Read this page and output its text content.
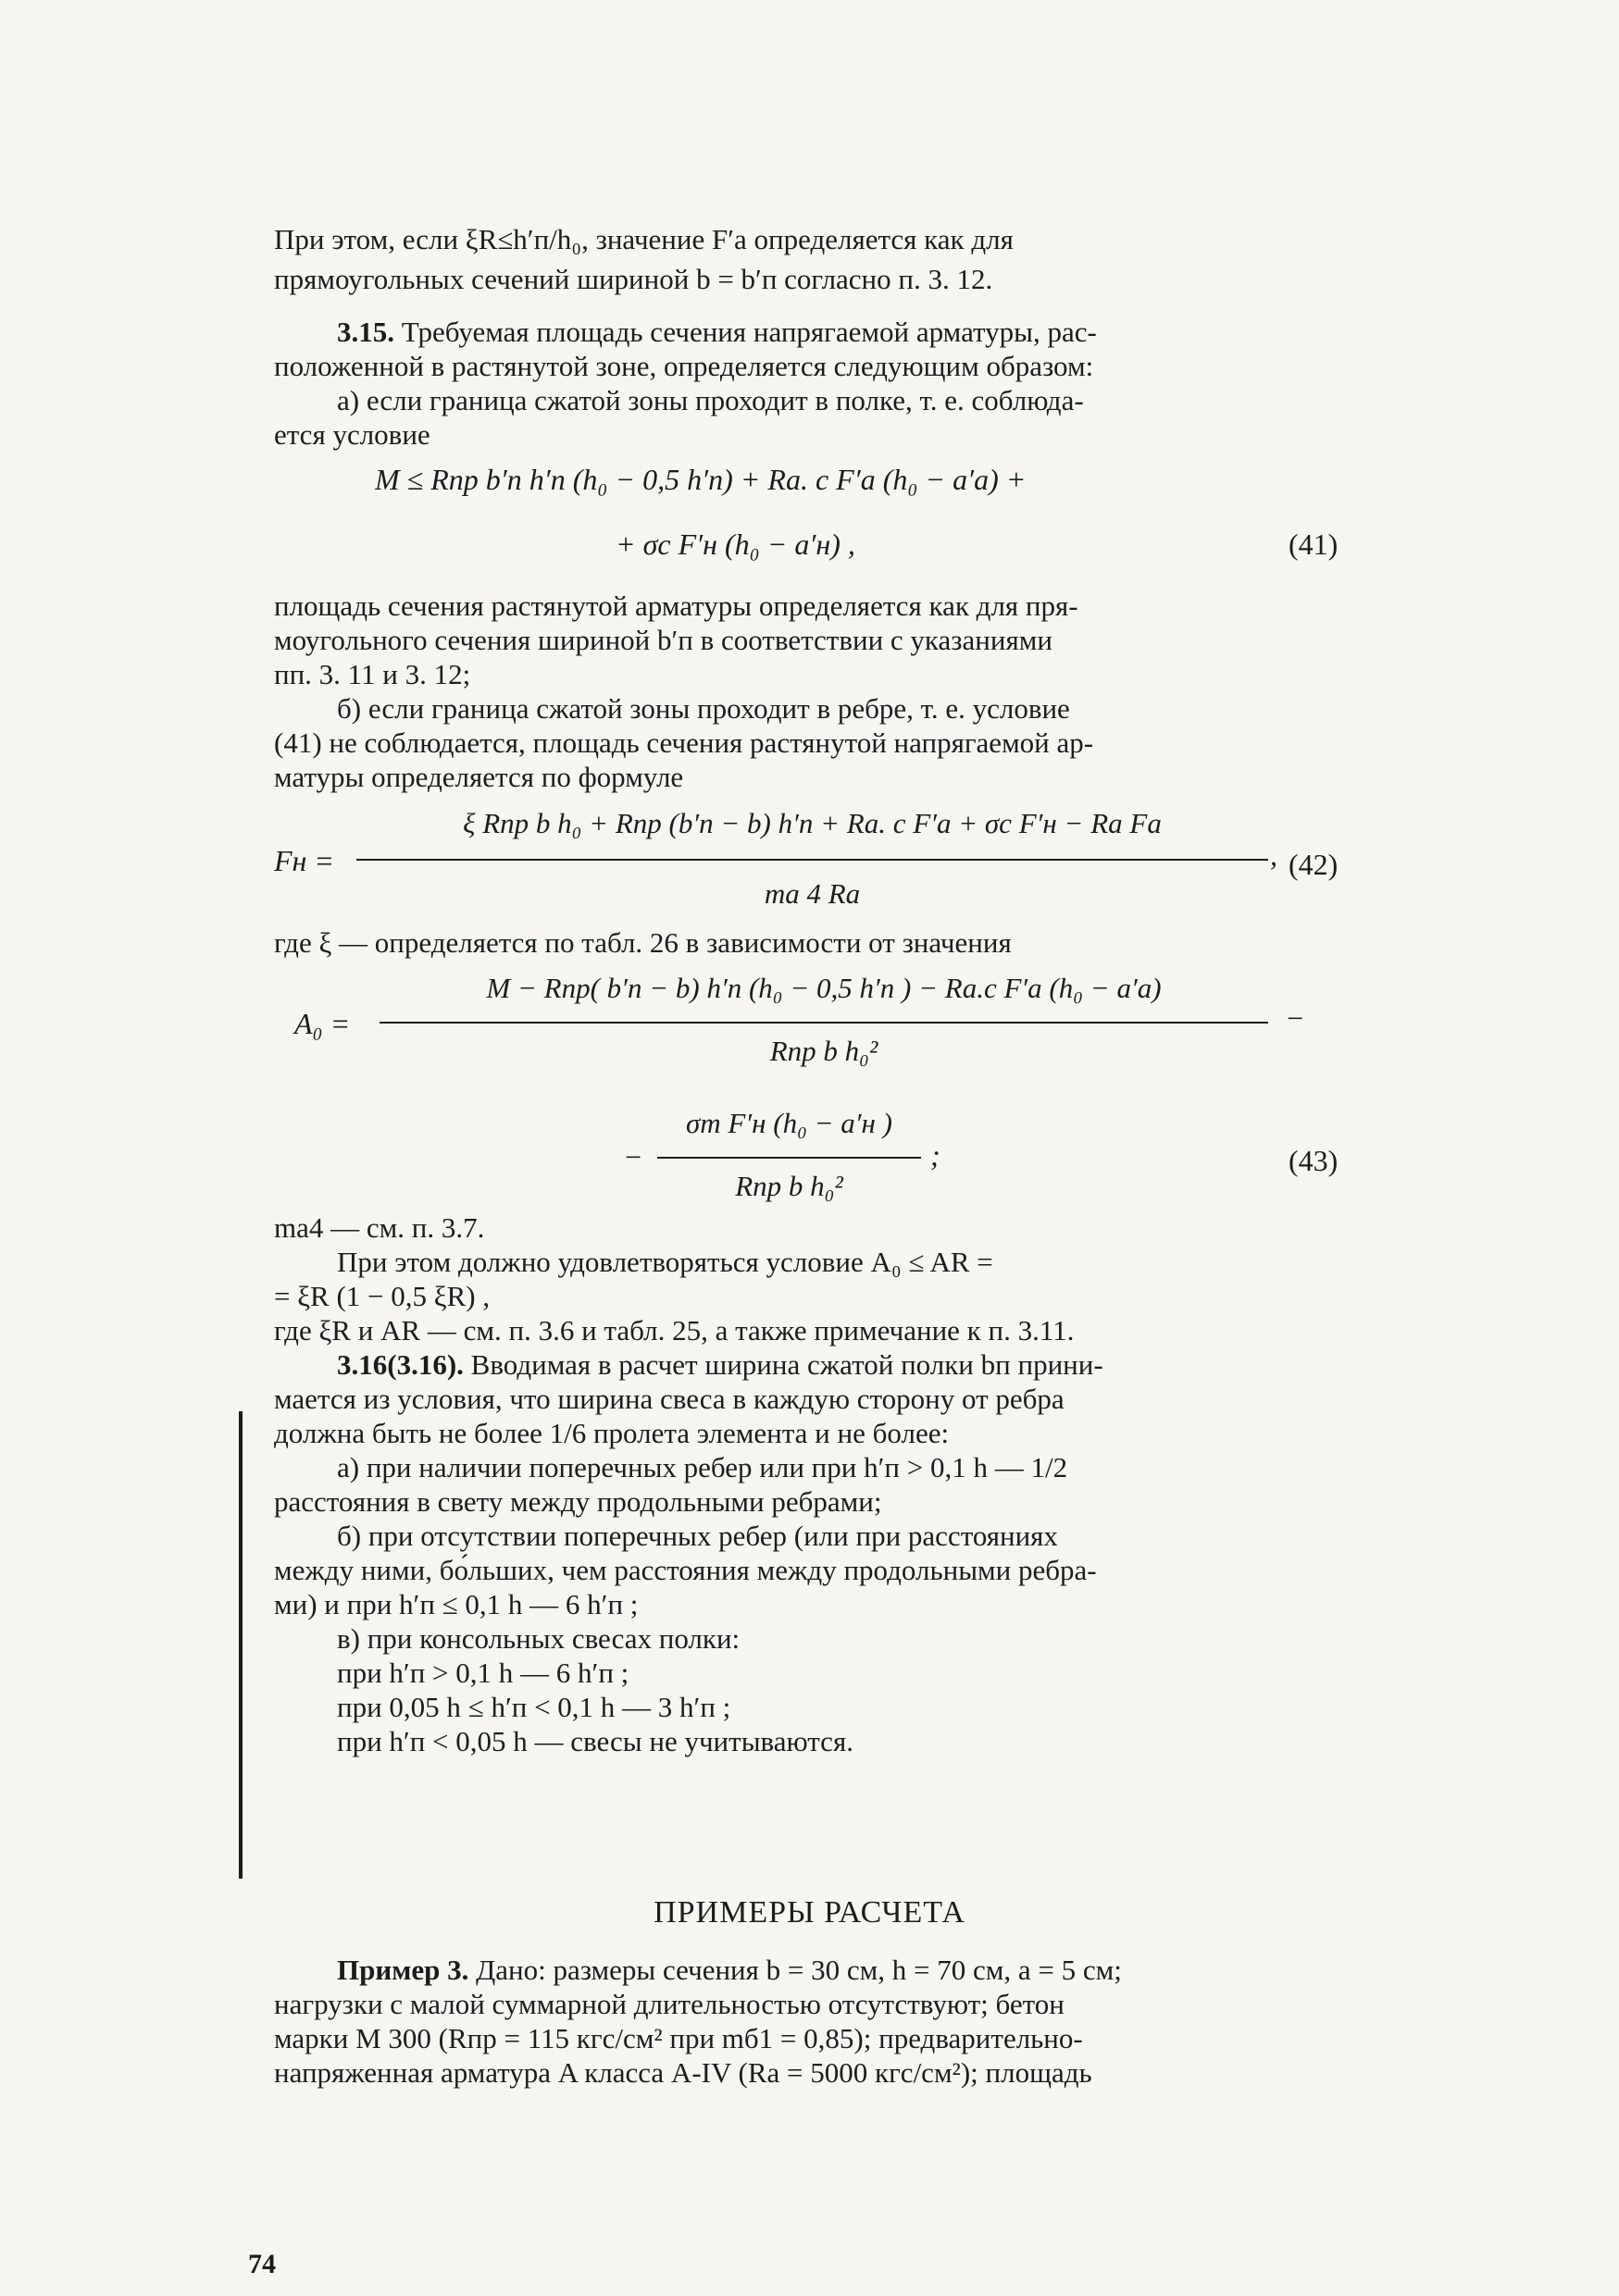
При этом, если ξR≤h′п/h₀, значение F′а определяется как для
прямоугольных сечений шириной b = b′п согласно п. 3. 12.
3.15. Требуемая площадь сечения напрягаемой арматуры, рас-
положенной в растянутой зоне, определяется следующим образом:
а) если граница сжатой зоны проходит в полке, т. е. соблюда-
ется условие
M ≤ Rпр b′п h′п (h₀ − 0,5 h′п) + Rа. с F′а (h₀ − a′а) +
+ σс F′н (h₀ − a′н) ,	(41)
площадь сечения растянутой арматуры определяется как для пря-
моугольного сечения шириной b′п в соответствии с указаниями
пп. 3. 11 и 3. 12;
б) если граница сжатой зоны проходит в ребре, т. е. условие
(41) не соблюдается, площадь сечения растянутой напрягаемой ар-
матуры определяется по формуле
Fн =
ξ Rпр b h₀ + Rпр (b′п − b) h′п + Rа. с F′а + σс F′н − Rа Fа
mа 4 Rа
, (42)
где ξ — определяется по табл. 26 в зависимости от значения
A₀ =
M − Rпр( b′п − b) h′п (h₀ − 0,5 h′п ) − Rа.с F′а (h₀ − a′а)
Rпр b h₀²
−
−
σт F′н (h₀ − a′н )
Rпр b h₀²
;	(43)
mа4 — см. п. 3.7.
При этом должно удовлетворяться условие A₀ ≤ AR =
= ξR (1 − 0,5 ξR) ,
где ξR и AR — см. п. 3.6 и табл. 25, а также примечание к п. 3.11.
3.16(3.16). Вводимая в расчет ширина сжатой полки bп прини-
мается из условия, что ширина свеса в каждую сторону от ребра
должна быть не более 1/6 пролета элемента и не более:
а) при наличии поперечных ребер или при h′п > 0,1 h — 1/2
расстояния в свету между продольными ребрами;
б) при отсутствии поперечных ребер (или при расстояниях
между ними, бо́льших, чем расстояния между продольными ребра-
ми) и при h′п ≤ 0,1 h — 6 h′п ;
в) при консольных свесах полки:
при h′п > 0,1 h — 6 h′п ;
при 0,05 h ≤ h′п < 0,1 h — 3 h′п ;
при h′п < 0,05 h — свесы не учитываются.
ПРИМЕРЫ РАСЧЕТА
Пример 3. Дано: размеры сечения b = 30 см, h = 70 см, a = 5 см;
нагрузки с малой суммарной длительностью отсутствуют; бетон
марки M 300 (Rпр = 115 кгс/см² при mб1 = 0,85); предварительно-
напряженная арматура A класса A-IV (Rа = 5000 кгс/см²); площадь
74
